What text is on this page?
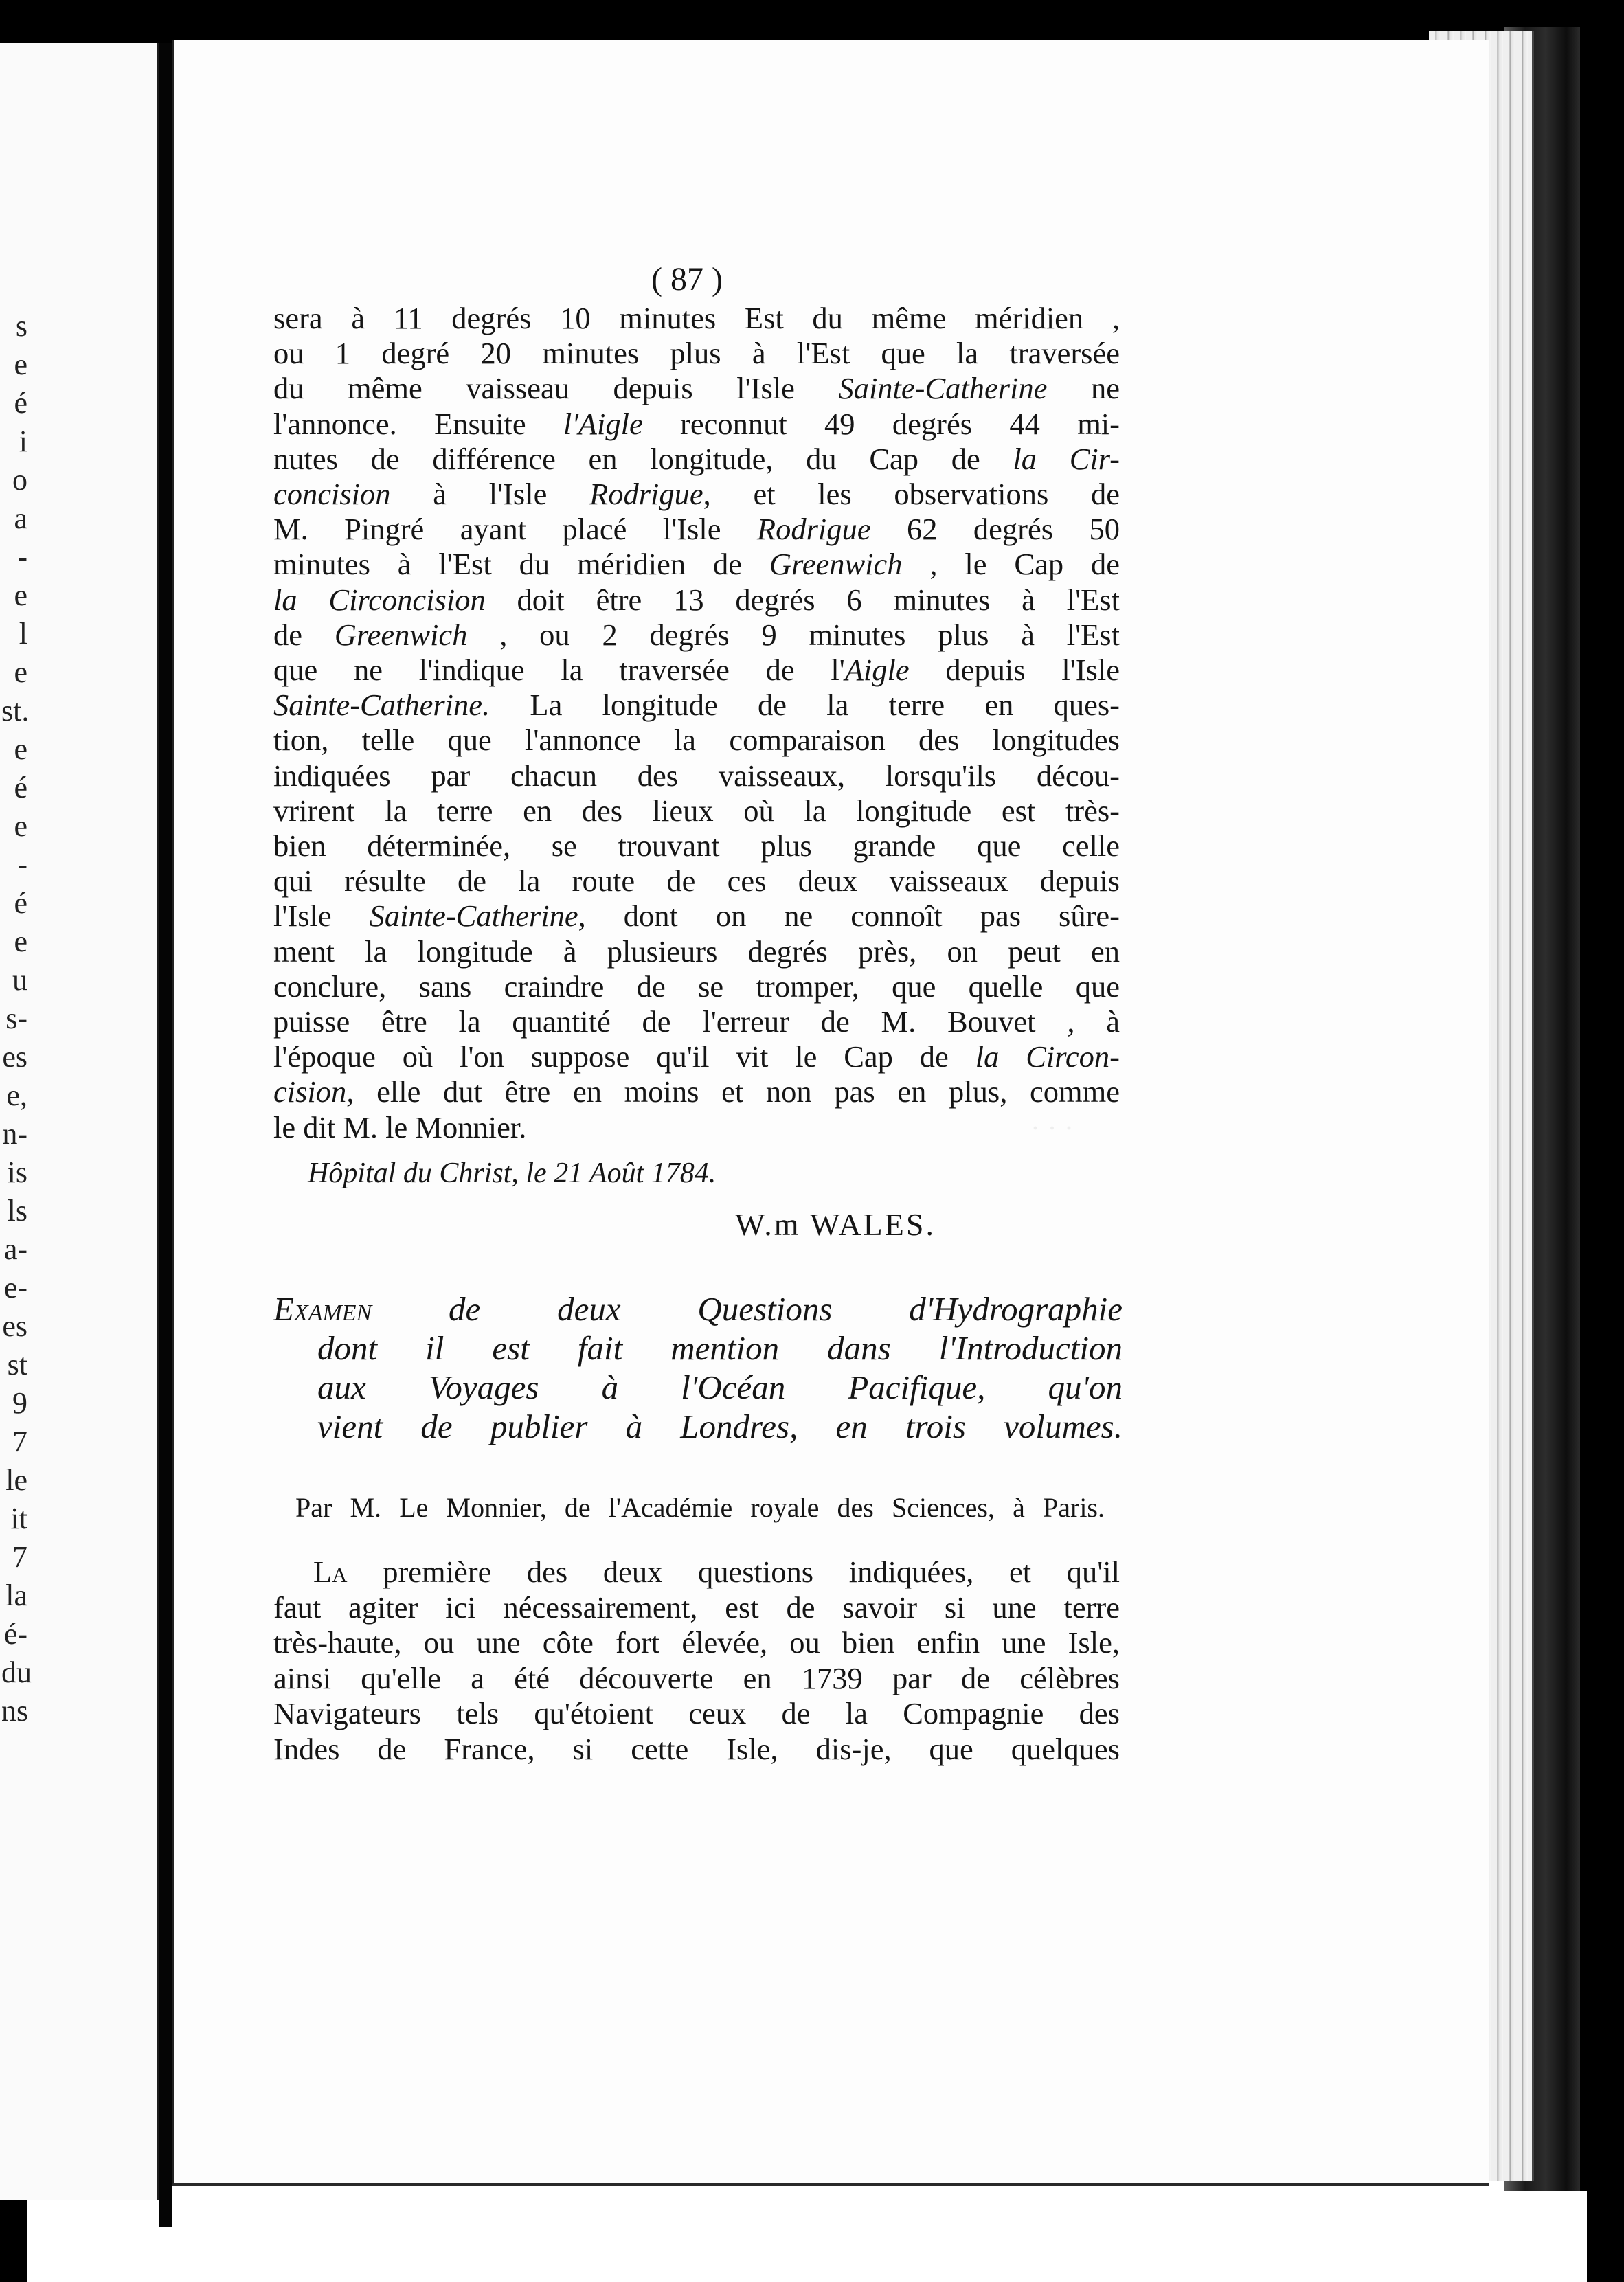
s
e
é
i
o
a
-
e
l
e
st.
e
é
e
-
é
e
u
s-
es
e,
n-
is
ls
a-
e-
es
st
9
7
le
it
7
la
é-
du
ns
· · ·
( 87 )
sera à 11 degrés 10 minutes Est du même méridien ,
ou 1 degré 20 minutes plus à l'Est que la traversée
du même vaisseau depuis l'Isle Sainte-Catherine ne
l'annonce. Ensuite l'Aigle reconnut 49 degrés 44 mi-
nutes de différence en longitude, du Cap de la Cir-
concision à l'Isle Rodrigue, et les observations de
M. Pingré ayant placé l'Isle Rodrigue 62 degrés 50
minutes à l'Est du méridien de Greenwich , le Cap de
la Circoncision doit être 13 degrés 6 minutes à l'Est
de Greenwich , ou 2 degrés 9 minutes plus à l'Est
que ne l'indique la traversée de l'Aigle depuis l'Isle
Sainte-Catherine. La longitude de la terre en ques-
tion, telle que l'annonce la comparaison des longitudes
indiquées par chacun des vaisseaux, lorsqu'ils décou-
vrirent la terre en des lieux où la longitude est très-
bien déterminée, se trouvant plus grande que celle
qui résulte de la route de ces deux vaisseaux depuis
l'Isle Sainte-Catherine, dont on ne connoît pas sûre-
ment la longitude à plusieurs degrés près, on peut en
conclure, sans craindre de se tromper, que quelle que
puisse être la quantité de l'erreur de M. Bouvet , à
l'époque où l'on suppose qu'il vit le Cap de la Circon-
cision, elle dut être en moins et non pas en plus, comme
le dit M. le Monnier.
Hôpital du Christ, le 21 Août 1784.
W.m WALES.
Examen de deux Questions d'Hydrographie
dont il est fait mention dans l'Introduction
aux Voyages à l'Océan Pacifique, qu'on
vient de publier à Londres, en trois volumes.
Par M. Le Monnier, de l'Académie royale des Sciences, à Paris.
La première des deux questions indiquées, et qu'il
faut agiter ici nécessairement, est de savoir si une terre
très-haute, ou une côte fort élevée, ou bien enfin une Isle,
ainsi qu'elle a été découverte en 1739 par de célèbres
Navigateurs tels qu'étoient ceux de la Compagnie des
Indes de France, si cette Isle, dis-je, que quelques
